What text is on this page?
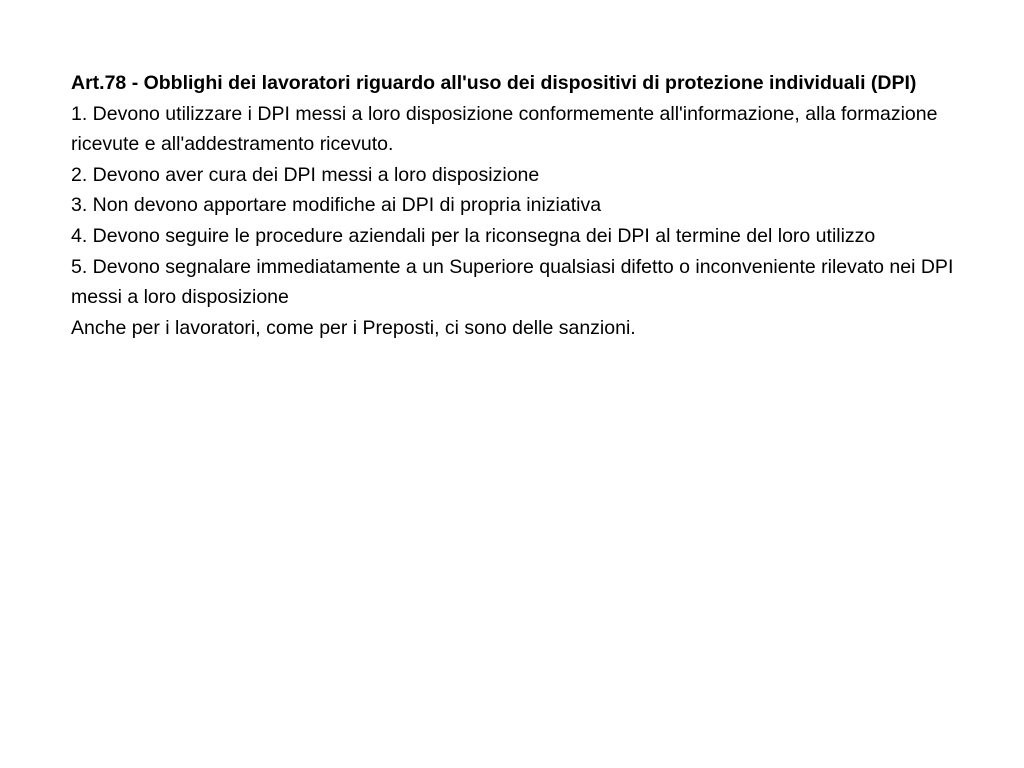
Art.78 - Obblighi dei lavoratori riguardo all'uso dei dispositivi di protezione individuali (DPI)

1. Devono utilizzare i DPI messi a loro disposizione conformemente all'informazione, alla formazione ricevute e all'addestramento ricevuto.

2. Devono aver cura dei DPI messi a loro disposizione

3. Non devono apportare modifiche ai DPI di propria iniziativa

4. Devono seguire le procedure aziendali per la riconsegna dei DPI al termine del loro utilizzo

5. Devono segnalare immediatamente a un Superiore qualsiasi difetto o inconveniente rilevato nei DPI messi a loro disposizione

Anche per i lavoratori, come per i Preposti, ci sono delle sanzioni.
